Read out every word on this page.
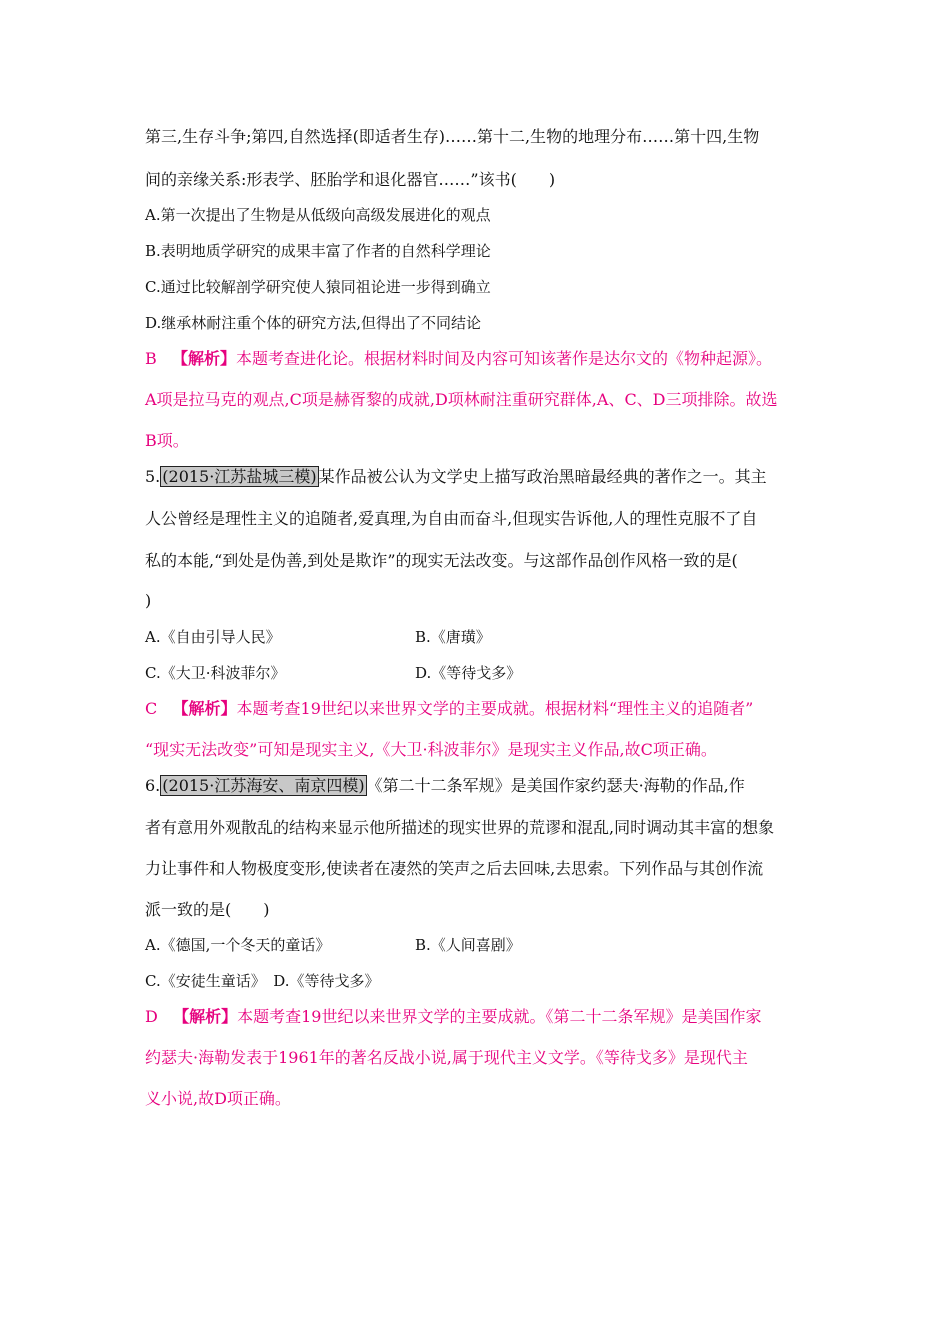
第三,生存斗争;第四,自然选择(即适者生存)……第十二,生物的地理分布……第十四,生物
间的亲缘关系:形表学、胚胎学和退化器官……”该书(　　)
A.第一次提出了生物是从低级向高级发展进化的观点
B.表明地质学研究的成果丰富了作者的自然科学理论
C.通过比较解剖学研究使人猿同祖论进一步得到确立
D.继承林耐注重个体的研究方法,但得出了不同结论
B 【解析】本题考查进化论。根据材料时间及内容可知该著作是达尔文的《物种起源》。
A项是拉马克的观点,C项是赫胥黎的成就,D项林耐注重研究群体,A、C、D三项排除。故选
B项。
5. (2015·江苏盐城三模) 某作品被公认为文学史上描写政治黑暗最经典的著作之一。其主
人公曾经是理性主义的追随者,爱真理,为自由而奋斗,但现实告诉他,人的理性克服不了自
私的本能,“到处是伪善,到处是欺诈”的现实无法改变。与这部作品创作风格一致的是(
)
A.《自由引导人民》	B.《唐璜》
C.《大卫·科波菲尔》	D.《等待戈多》
C 【解析】本题考查19世纪以来世界文学的主要成就。根据材料“理性主义的追随者”
“现实无法改变”可知是现实主义,《大卫·科波菲尔》是现实主义作品,故C项正确。
6. (2015·江苏海安、南京四模) 《第二十二条军规》是美国作家约瑟夫·海勒的作品,作
者有意用外观散乱的结构来显示他所描述的现实世界的荒谬和混乱,同时调动其丰富的想象
力让事件和人物极度变形,使读者在凄然的笑声之后去回味,去思索。下列作品与其创作流
派一致的是(　　)
A.《德国,一个冬天的童话》	B.《人间喜剧》
C.《安徒生童话》　D.《等待戈多》
D 【解析】本题考查19世纪以来世界文学的主要成就。《第二十二条军规》是美国作家
约瑟夫·海勒发表于1961年的著名反战小说,属于现代主义文学。《等待戈多》是现代主
义小说,故D项正确。
